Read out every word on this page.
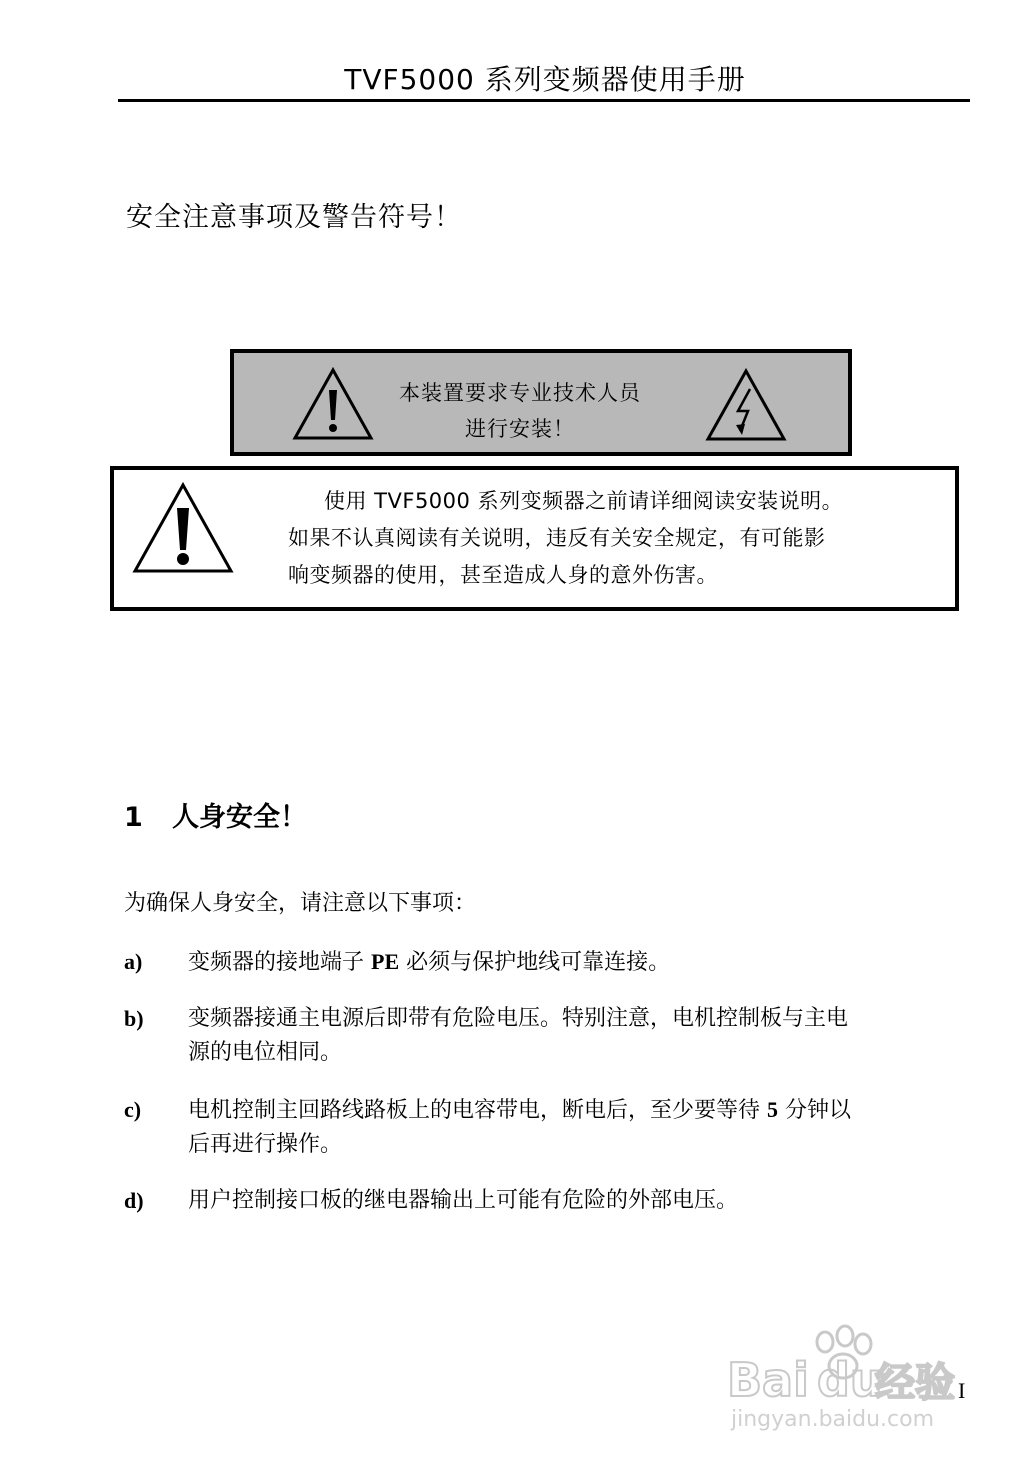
TVF5000 系列变频器使用手册
安全注意事项及警告符号！
本装置要求专业技术人员
进行安装！
使用 TVF5000 系列变频器之前请详细阅读安装说明。
如果不认真阅读有关说明，违反有关安全规定，有可能影
响变频器的使用，甚至造成人身的意外伤害。
1 人身安全！
为确保人身安全，请注意以下事项：
a) 变频器的接地端子 PE 必须与保护地线可靠连接。
b) 变频器接通主电源后即带有危险电压。特别注意，电机控制板与主电
源的电位相同。
c) 电机控制主回路线路板上的电容带电，断电后，至少要等待 5 分钟以
后再进行操作。
d) 用户控制接口板的继电器输出上可能有危险的外部电压。
Bai du
经验
jingyan.baidu.com
I
